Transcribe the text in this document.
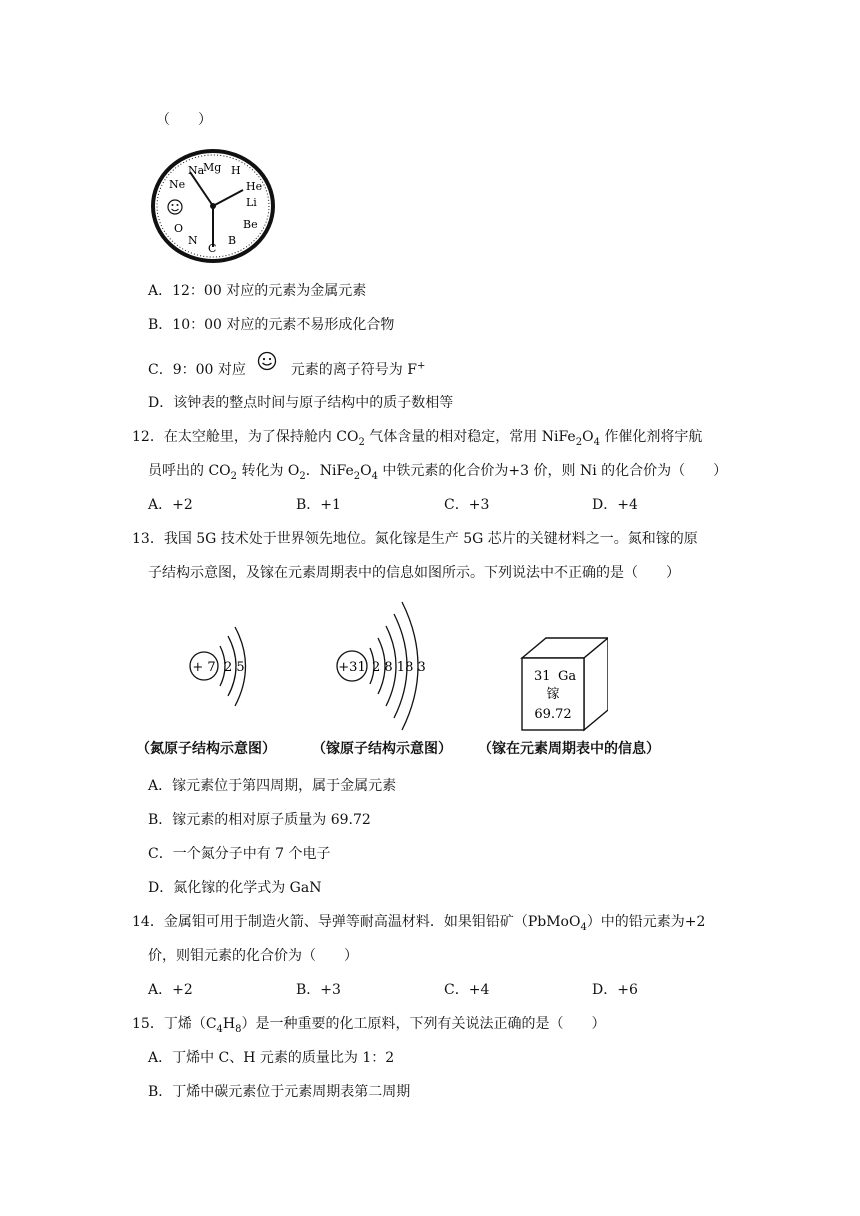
（　　）
Na
Mg H
Ne	He
Li
O	Be
N	B
C
A．12：00 对应的元素为金属元素
B．10：00 对应的元素不易形成化合物
C．9：00 对应	元素的离子符号为 F+
D．该钟表的整点时间与原子结构中的质子数相等
12．在太空舱里，为了保持舱内 $CO_2$ 气体含量的相对稳定，常用 $NiFe_2O_4$ 作催化剂将宇航
员呼出的 $CO_2$ 转化为 $O_2$．$NiFe_2O_4$ 中铁元素的化合价为+3 价，则 Ni 的化合价为（　　）
A．+2	B．+1	C．+3	D．+4
13．我国 5G 技术处于世界领先地位。氮化镓是生产 5G 芯片的关键材料之一。氮和镓的原
子结构示意图，及镓在元素周期表中的信息如图所示。下列说法中不正确的是（　　）
+ 7 2 5	+31 2 8 18 3
31 Ga
镓
69.72
（氮原子结构示意图）	（镓原子结构示意图） （镓在元素周期表中的信息）
A．镓元素位于第四周期，属于金属元素
B．镓元素的相对原子质量为 69.72
C．一个氮分子中有 7 个电子
D．氮化镓的化学式为 GaN
14．金属钼可用于制造火箭、导弹等耐高温材料．如果钼铅矿（PbMoO$_4$）中的铅元素为+2
价，则钼元素的化合价为（　　）
A．+2	B．+3	C．+4	D．+6
15．丁烯$(C_4H_8)$是一种重要的化工原料，下列有关说法正确的是（　　）
A．丁烯中 C、H 元素的质量比为 1：2
B．丁烯中碳元素位于元素周期表第二周期
